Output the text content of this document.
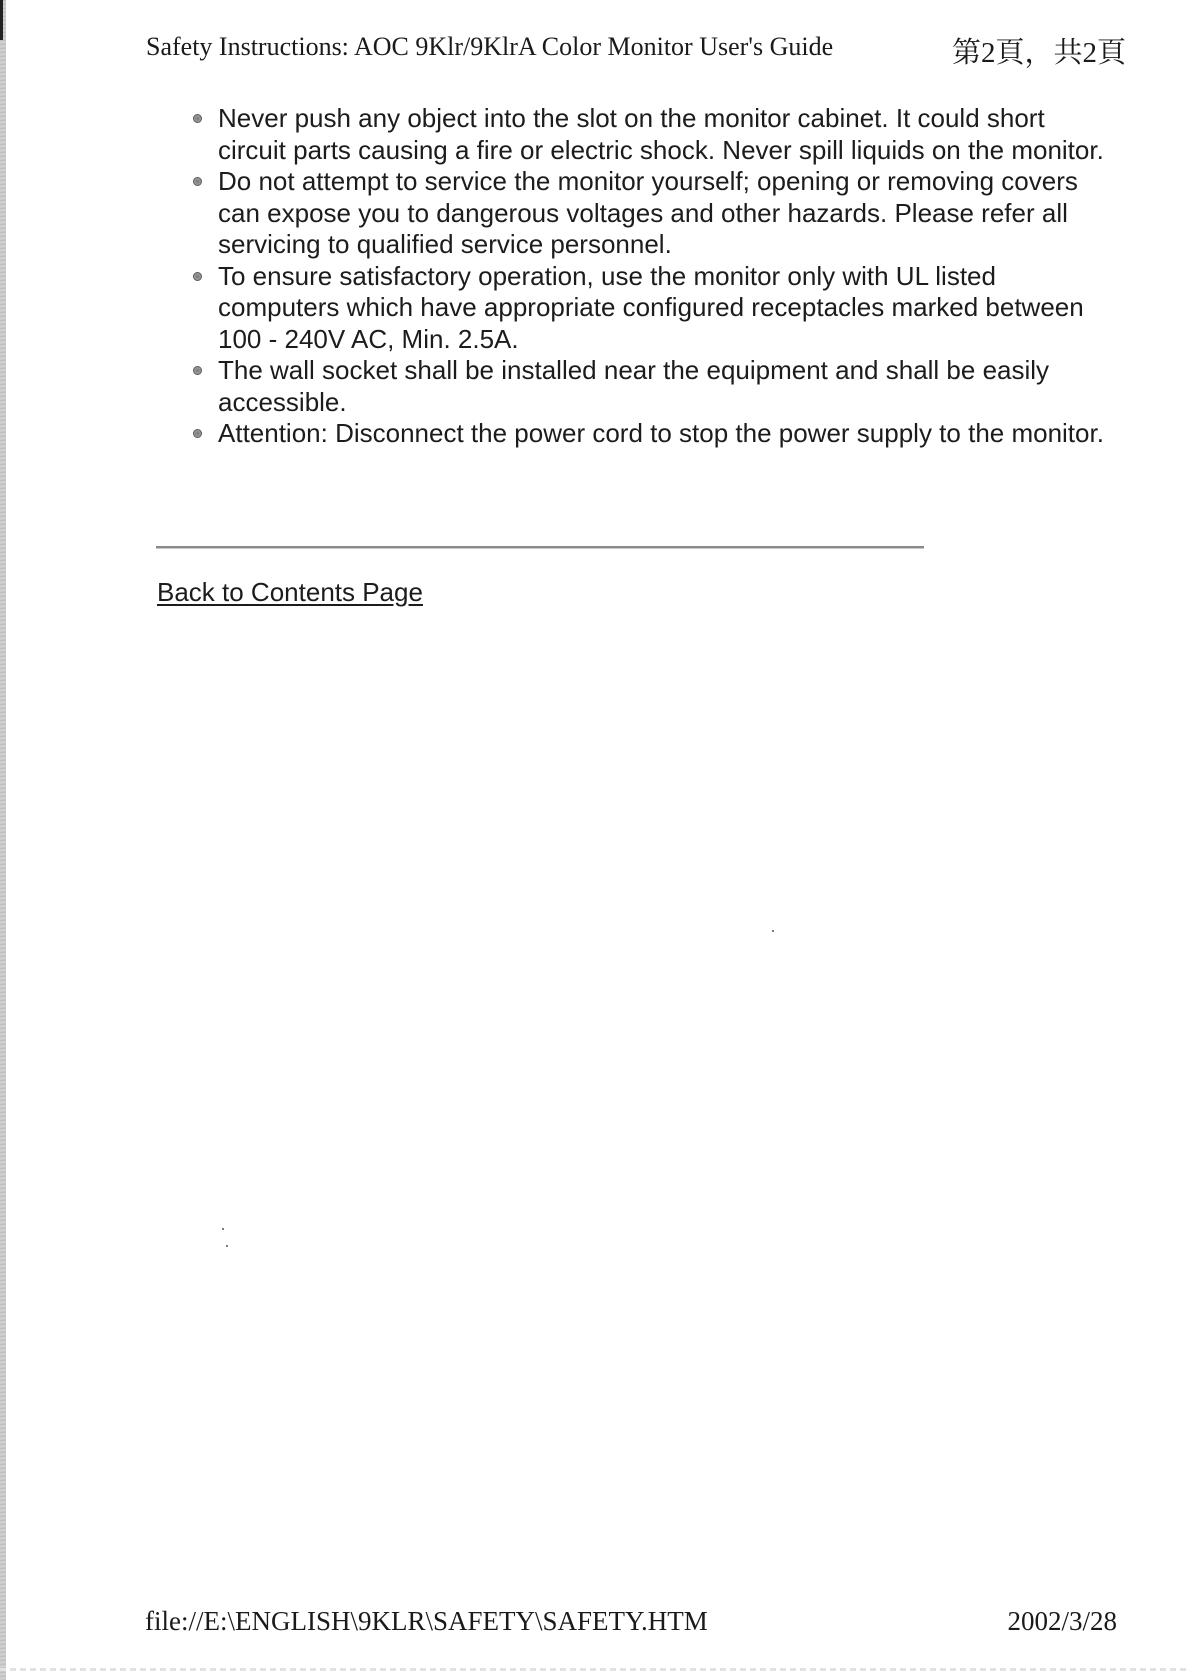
Safety Instructions: AOC 9Klr/9KlrA Color Monitor User's Guide	第2頁，共2頁
Never push any object into the slot on the monitor cabinet. It could short circuit parts causing a fire or electric shock. Never spill liquids on the monitor.
Do not attempt to service the monitor yourself; opening or removing covers can expose you to dangerous voltages and other hazards. Please refer all servicing to qualified service personnel.
To ensure satisfactory operation, use the monitor only with UL listed computers which have appropriate configured receptacles marked between 100 - 240V AC, Min. 2.5A.
The wall socket shall be installed near the equipment and shall be easily accessible.
Attention: Disconnect the power cord to stop the power supply to the monitor.
Back to Contents Page
file://E:\ENGLISH\9KLR\SAFETY\SAFETY.HTM	2002/3/28
